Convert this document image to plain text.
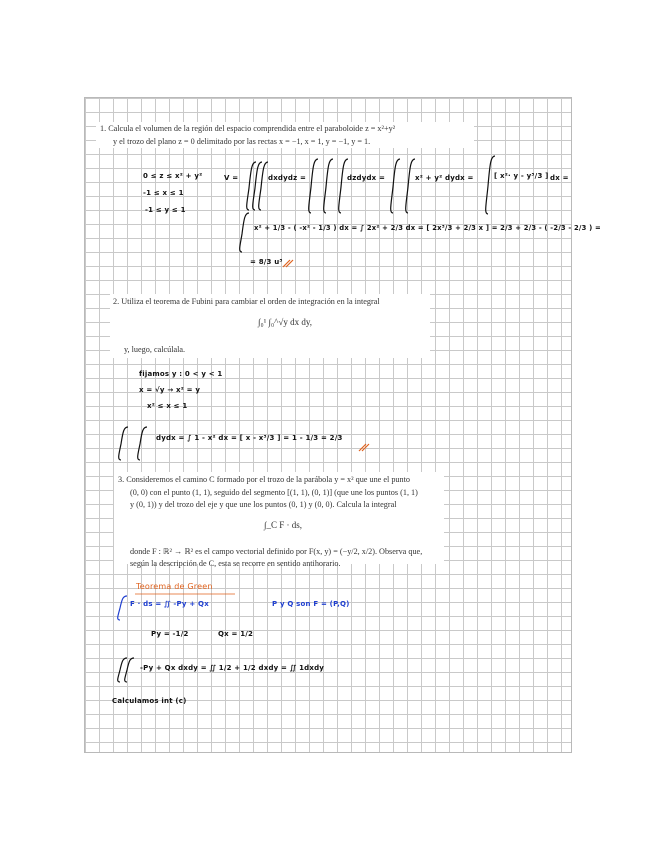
1. Calcula el volumen de la región del espacio comprendida entre el paraboloide z = x²+y²
y el trozo del plano z = 0 delimitado por las rectas x = −1, x = 1, y = −1, y = 1.
0 ≤ z ≤ x² + y²
-1 ≤ x ≤ 1
-1 ≤ y ≤ 1
V =	dxdydz =	dzdydx =	x² + y² dydx =	[ x²· y - y³/3 ] dx =
x² + 1/3 - ( -x² - 1/3 ) dx = ∫ 2x² + 2/3 dx = [ 2x³/3 + 2/3 x ] = 2/3 + 2/3 - ( -2/3 - 2/3 ) =
= 8/3 u³
2. Utiliza el teorema de Fubini para cambiar el orden de integración en la integral
∫₀¹ ∫₀^√y dx dy,
y, luego, calcúlala.
fijamos y : 0 < y < 1
x = √y → x² = y
x² ≤ x ≤ 1
dydx = ∫ 1 - x² dx = [ x - x³/3 ] = 1 - 1/3 = 2/3
3. Consideremos el camino C formado por el trozo de la parábola y = x² que une el punto
(0, 0) con el punto (1, 1), seguido del segmento [(1, 1), (0, 1)] (que une los puntos (1, 1)
y (0, 1)) y del trozo del eje y que une los puntos (0, 1) y (0, 0). Calcula la integral
∫_C F · ds,
donde F : ℝ² → ℝ² es el campo vectorial definido por F(x, y) = (−y/2, x/2). Observa que,
según la descripción de C, esta se recorre en sentido antihorario.
Teorema de Green
F · ds = ∬ -Py + Qx	P y Q son F = (P,Q)
Py = -1/2	Qx = 1/2
-Py + Qx dxdy = ∬ 1/2 + 1/2 dxdy = ∬ 1dxdy
Calculamos int (c)
